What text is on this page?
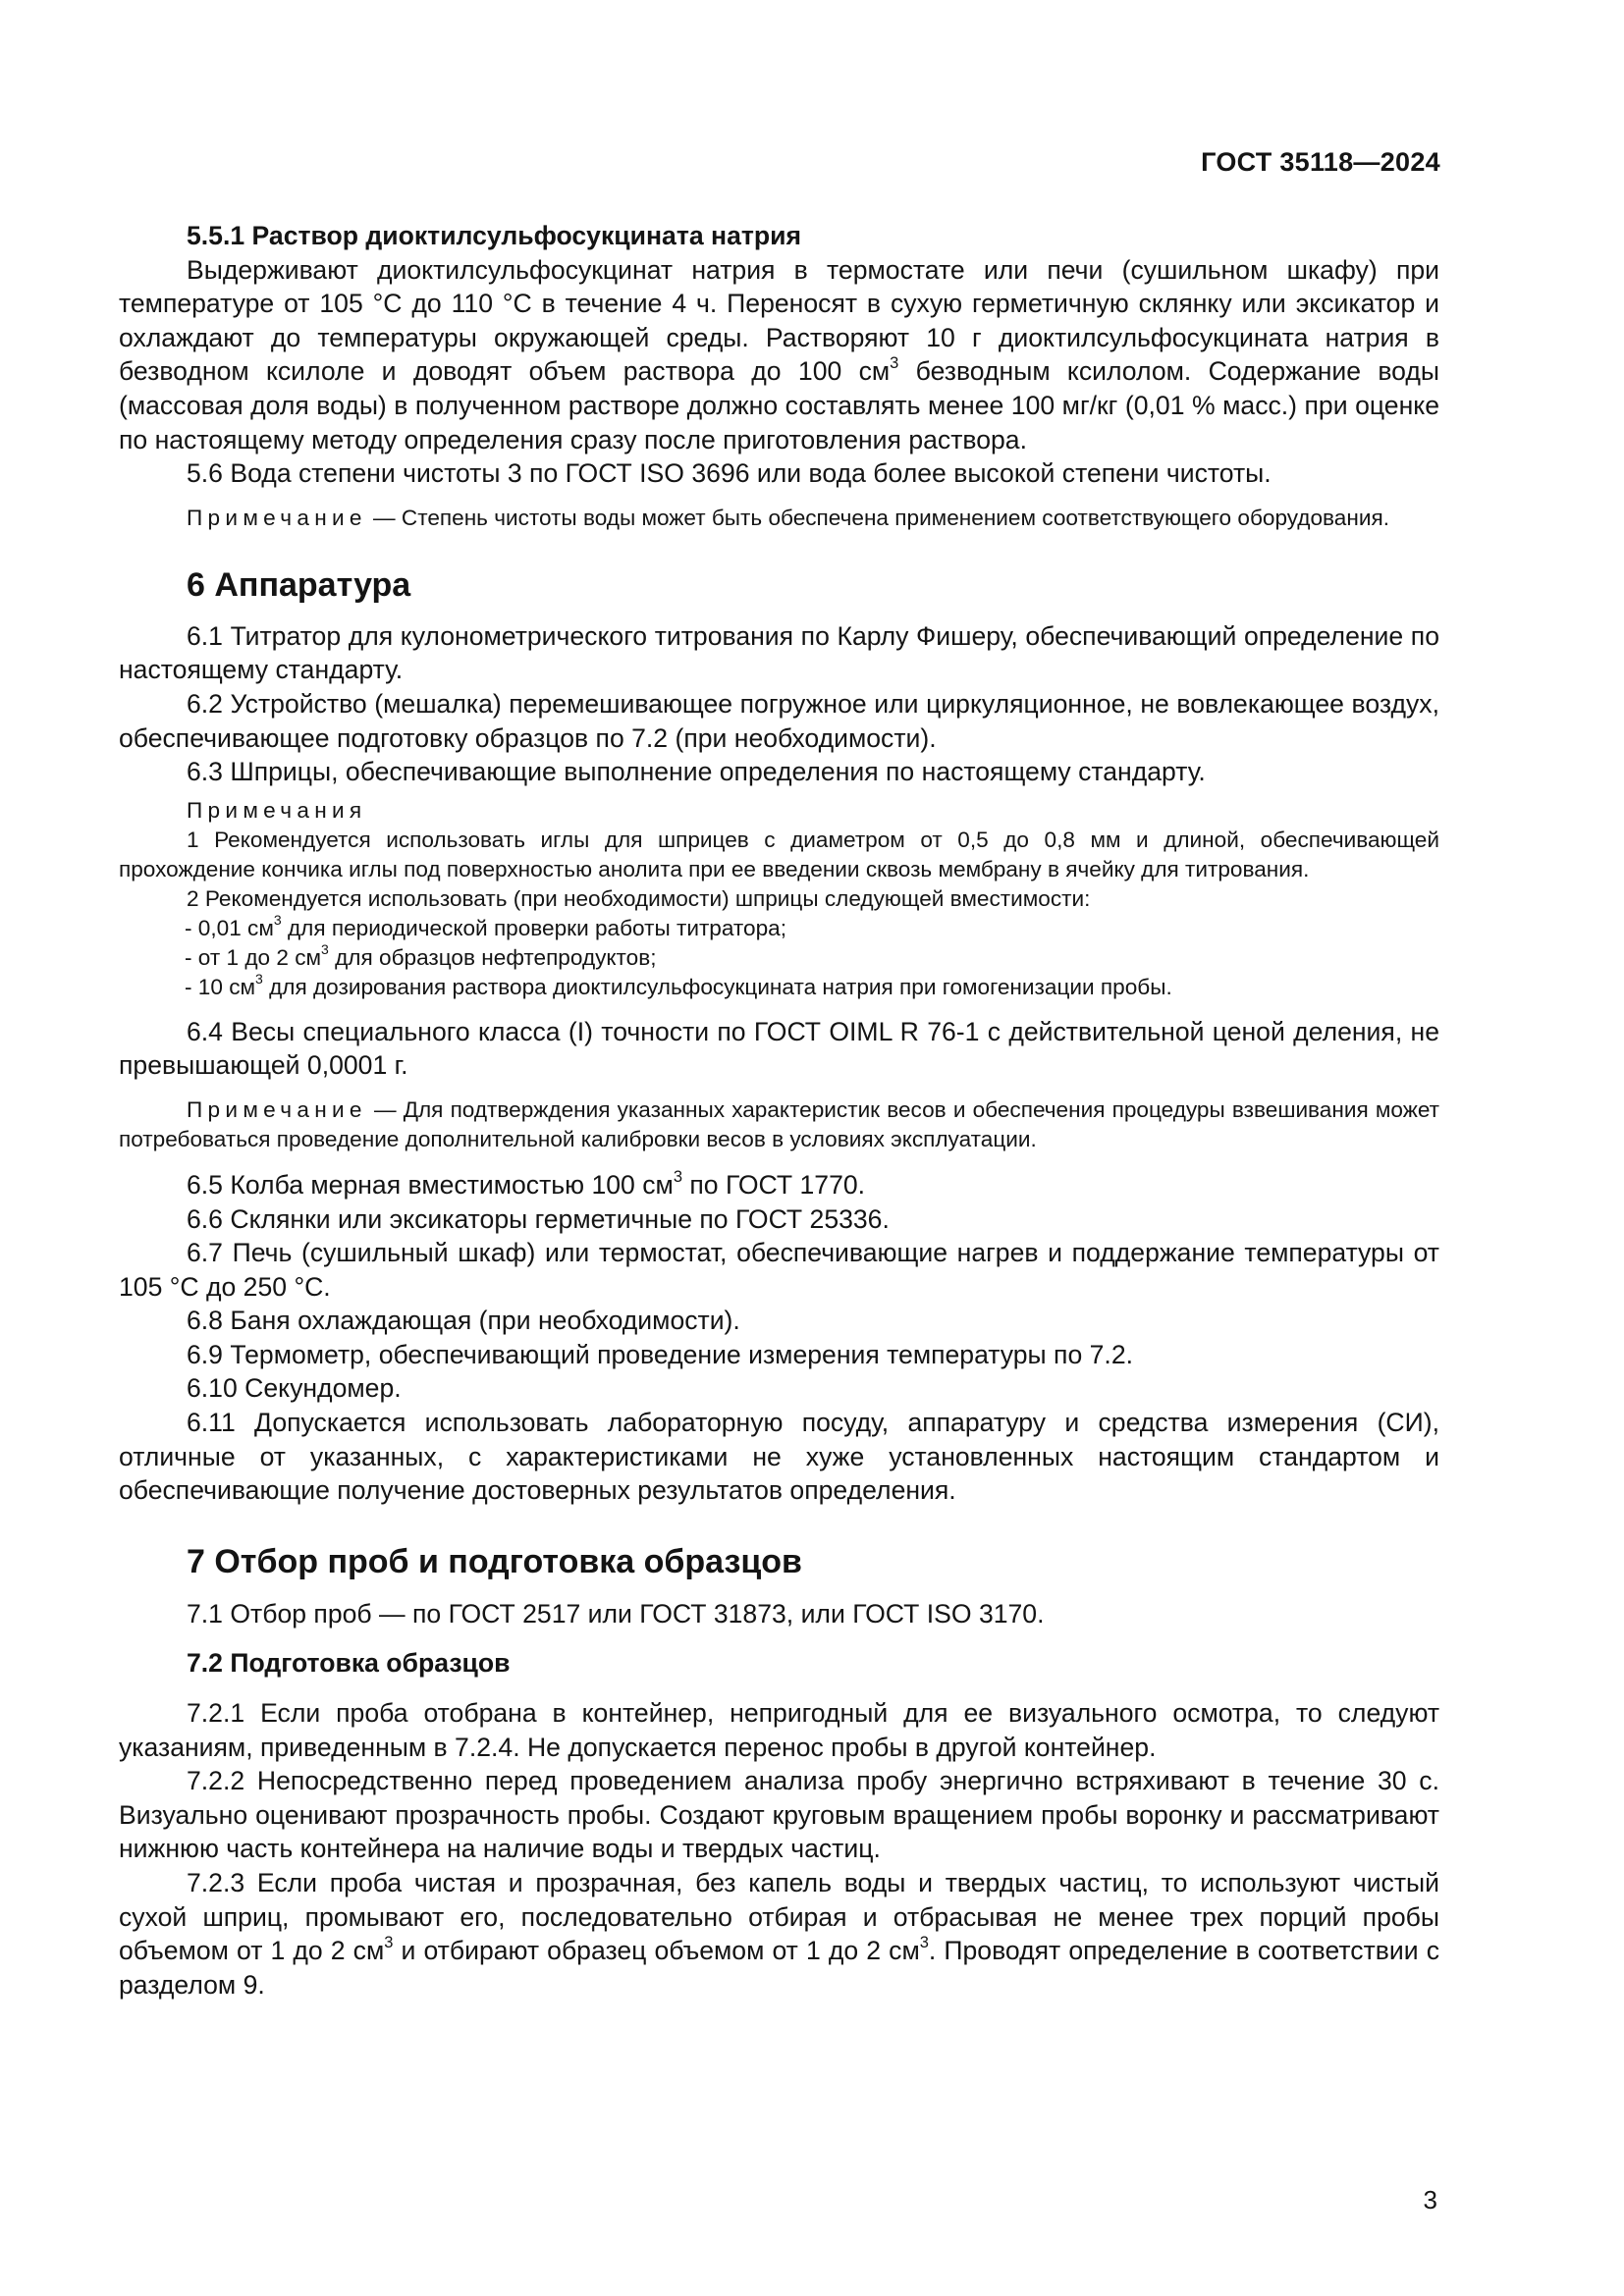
ГОСТ 35118—2024

5.5.1 Раствор диоктилсульфосукцината натрия

Выдерживают диоктилсульфосукцинат натрия в термостате или печи (сушильном шкафу) при температуре от 105 °C до 110 °C в течение 4 ч. Переносят в сухую герметичную склянку или эксикатор и охлаждают до температуры окружающей среды. Растворяют 10 г диоктилсульфосукцината натрия в безводном ксилоле и доводят объем раствора до 100 $см^3$ безводным ксилолом. Содержание воды (массовая доля воды) в полученном растворе должно составлять менее 100 мг/кг (0,01 % масс.) при оценке по настоящему методу определения сразу после приготовления раствора.

5.6 Вода степени чистоты 3 по ГОСТ ISO 3696 или вода более высокой степени чистоты.

Примечание — Степень чистоты воды может быть обеспечена применением соответствующего оборудования.

6 Аппаратура

6.1 Титратор для кулонометрического титрования по Карлу Фишеру, обеспечивающий определение по настоящему стандарту.

6.2 Устройство (мешалка) перемешивающее погружное или циркуляционное, не вовлекающее воздух, обеспечивающее подготовку образцов по 7.2 (при необходимости).

6.3 Шприцы, обеспечивающие выполнение определения по настоящему стандарту.

Примечания

1 Рекомендуется использовать иглы для шприцев с диаметром от 0,5 до 0,8 мм и длиной, обеспечивающей прохождение кончика иглы под поверхностью анолита при ее введении сквозь мембрану в ячейку для титрования.

2 Рекомендуется использовать (при необходимости) шприцы следующей вместимости:

- 0,01 $см^3$ для периодической проверки работы титратора;

- от 1 до 2 $см^3$ для образцов нефтепродуктов;

- 10 $см^3$ для дозирования раствора диоктилсульфосукцината натрия при гомогенизации пробы.

6.4 Весы специального класса (I) точности по ГОСТ OIML R 76-1 с действительной ценой деления, не превышающей 0,0001 г.

Примечание — Для подтверждения указанных характеристик весов и обеспечения процедуры взвешивания может потребоваться проведение дополнительной калибровки весов в условиях эксплуатации.

6.5 Колба мерная вместимостью 100 $см^3$ по ГОСТ 1770.

6.6 Склянки или эксикаторы герметичные по ГОСТ 25336.

6.7 Печь (сушильный шкаф) или термостат, обеспечивающие нагрев и поддержание температуры от 105 °C до 250 °C.

6.8 Баня охлаждающая (при необходимости).

6.9 Термометр, обеспечивающий проведение измерения температуры по 7.2.

6.10 Секундомер.

6.11 Допускается использовать лабораторную посуду, аппаратуру и средства измерения (СИ), отличные от указанных, с характеристиками не хуже установленных настоящим стандартом и обеспечивающие получение достоверных результатов определения.

7 Отбор проб и подготовка образцов

7.1 Отбор проб — по ГОСТ 2517 или ГОСТ 31873, или ГОСТ ISO 3170.

7.2 Подготовка образцов

7.2.1 Если проба отобрана в контейнер, непригодный для ее визуального осмотра, то следуют указаниям, приведенным в 7.2.4. Не допускается перенос пробы в другой контейнер.

7.2.2 Непосредственно перед проведением анализа пробу энергично встряхивают в течение 30 с. Визуально оценивают прозрачность пробы. Создают круговым вращением пробы воронку и рассматривают нижнюю часть контейнера на наличие воды и твердых частиц.

7.2.3 Если проба чистая и прозрачная, без капель воды и твердых частиц, то используют чистый сухой шприц, промывают его, последовательно отбирая и отбрасывая не менее трех порций пробы объемом от 1 до 2 $см^3$ и отбирают образец объемом от 1 до 2 $см^3$. Проводят определение в соответствии с разделом 9.

3
